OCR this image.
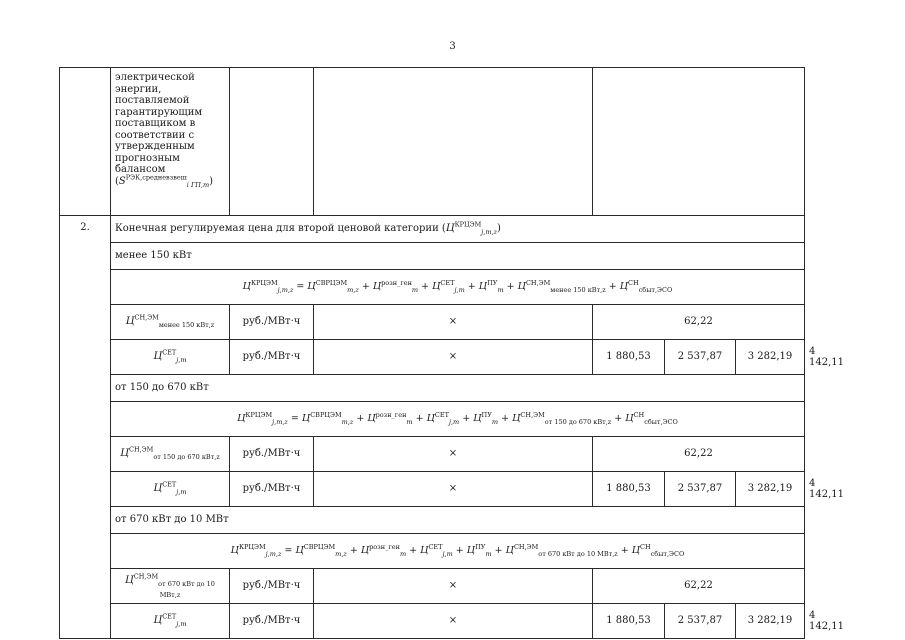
3
	электрической энергии, поставляемой гарантирующим поставщиком в соответствии с утвержденным прогнозным балансом $(S^{РЭК,средневзвеш}_{i ГП,m})$						
2.	Конечная регулируемая цена для второй ценовой категории $(Ц^{КРЦЭМ}_{j,m,z})$						
	менее 150 кВт						
	$Ц^{КРЦЭМ}_{j,m,z} = Ц^{СВРЦЭМ}_{m,z} + Ц^{розн\_ген}_m + Ц^{СЕТ}_{j,m} + Ц^{ПУ}_m + Ц^{СН,ЭМ}_{менее 150 кВт,z} + Ц^{СН}_{сбыт,ЭСО}$
	$Ц^{СН,ЭМ}_{менее 150 кВт,z}$	руб./МВт·ч	×	62,22			
	$Ц^{СЕТ}_{j,m}$	руб./МВт·ч	×	1 880,53	2 537,87	3 282,19	4 142,11
	от 150 до 670 кВт						
	$Ц^{КРЦЭМ}_{j,m,z} = Ц^{СВРЦЭМ}_{m,z} + Ц^{розн\_ген}_m + Ц^{СЕТ}_{j,m} + Ц^{ПУ}_m + Ц^{СН,ЭМ}_{от 150 до 670 кВт,z} + Ц^{СН}_{сбыт,ЭСО}$
	$Ц^{СН,ЭМ}_{от 150 до 670 кВт,z}$	руб./МВт·ч	×	62,22			
	$Ц^{СЕТ}_{j,m}$	руб./МВт·ч	×	1 880,53	2 537,87	3 282,19	4 142,11
	от 670 кВт до 10 МВт						
	$Ц^{КРЦЭМ}_{j,m,z} = Ц^{СВРЦЭМ}_{m,z} + Ц^{розн\_ген}_m + Ц^{СЕТ}_{j,m} + Ц^{ПУ}_m + Ц^{СН,ЭМ}_{от 670 кВт до 10 МВт,z} + Ц^{СН}_{сбыт,ЭСО}$
	$Ц^{СН,ЭМ}_{от 670 кВт до 10 МВт,z}$	руб./МВт·ч	×	62,22			
	$Ц^{СЕТ}_{j,m}$	руб./МВт·ч	×	1 880,53	2 537,87	3 282,19	4 142,11
